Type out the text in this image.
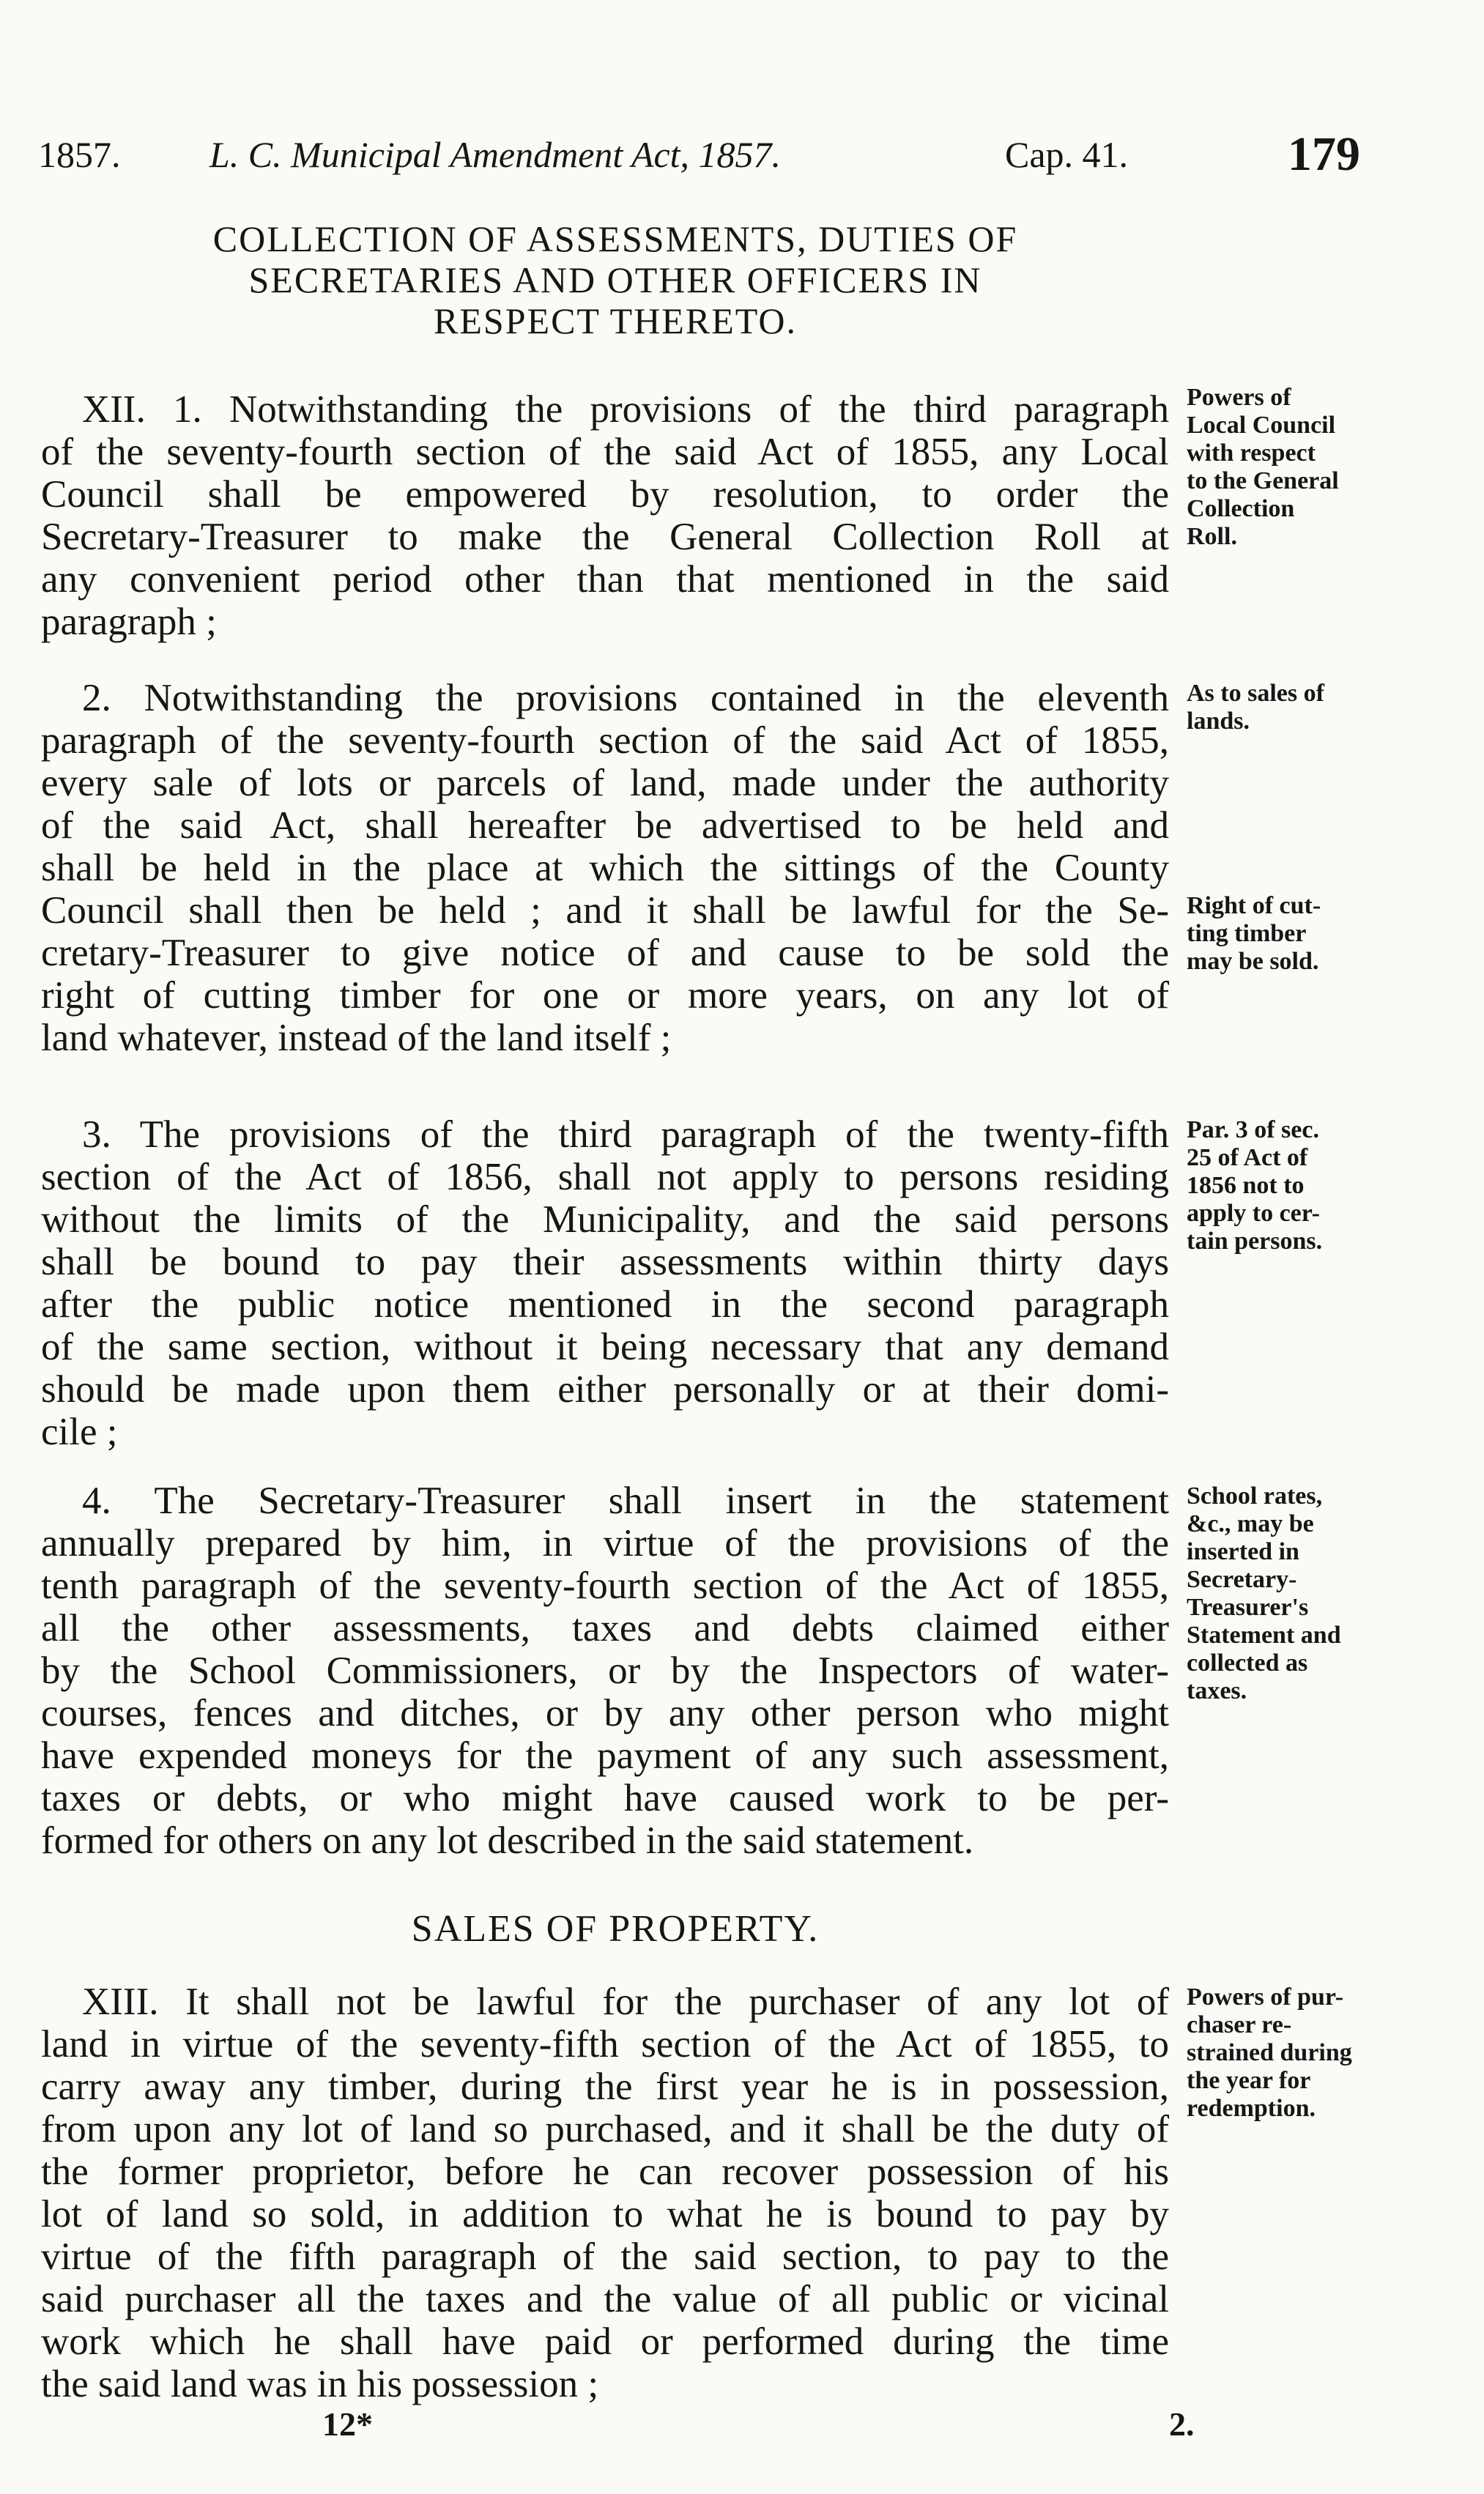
1857. L. C. Municipal Amendment Act, 1857.	Cap. 41.	179
COLLECTION OF ASSESSMENTS, DUTIES OF
SECRETARIES AND OTHER OFFICERS IN
RESPECT THERETO.
XII. 1. Notwithstanding the provisions of the third paragraph
of the seventy-fourth section of the said Act of 1855, any Local
Council shall be empowered by resolution, to order the
Secretary-Treasurer to make the General Collection Roll at
any convenient period other than that mentioned in the said
paragraph ;
2. Notwithstanding the provisions contained in the eleventh
paragraph of the seventy-fourth section of the said Act of 1855,
every sale of lots or parcels of land, made under the authority
of the said Act, shall hereafter be advertised to be held and
shall be held in the place at which the sittings of the County
Council shall then be held ; and it shall be lawful for the Se-
cretary-Treasurer to give notice of and cause to be sold the
right of cutting timber for one or more years, on any lot of
land whatever, instead of the land itself ;
3. The provisions of the third paragraph of the twenty-fifth
section of the Act of 1856, shall not apply to persons residing
without the limits of the Municipality, and the said persons
shall be bound to pay their assessments within thirty days
after the public notice mentioned in the second paragraph
of the same section, without it being necessary that any demand
should be made upon them either personally or at their domi-
cile ;
4. The Secretary-Treasurer shall insert in the statement
annually prepared by him, in virtue of the provisions of the
tenth paragraph of the seventy-fourth section of the Act of 1855,
all the other assessments, taxes and debts claimed either
by the School Commissioners, or by the Inspectors of water-
courses, fences and ditches, or by any other person who might
have expended moneys for the payment of any such assessment,
taxes or debts, or who might have caused work to be per-
formed for others on any lot described in the said statement.
SALES OF PROPERTY.
XIII. It shall not be lawful for the purchaser of any lot of
land in virtue of the seventy-fifth section of the Act of 1855, to
carry away any timber, during the first year he is in possession,
from upon any lot of land so purchased, and it shall be the duty of
the former proprietor, before he can recover possession of his
lot of land so sold, in addition to what he is bound to pay by
virtue of the fifth paragraph of the said section, to pay to the
said purchaser all the taxes and the value of all public or vicinal
work which he shall have paid or performed during the time
the said land was in his possession ;
Powers of
Local Council
with respect
to the General
Collection
Roll.
As to sales of
lands.
Right of cut-
ting timber
may be sold.
Par. 3 of sec.
25 of Act of
1856 not to
apply to cer-
tain persons.
School rates,
&c., may be
inserted in
Secretary-
Treasurer's
Statement and
collected as
taxes.
Powers of pur-
chaser re-
strained during
the year for
redemption.
12*	2.
